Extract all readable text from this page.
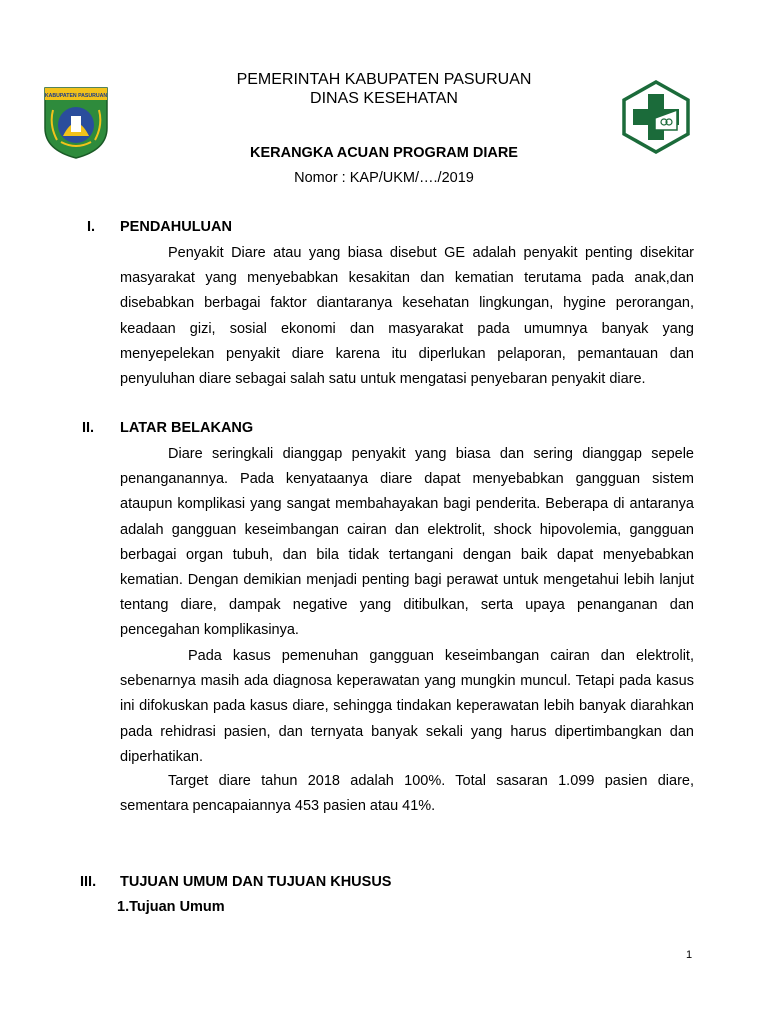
KABUPATEN PASURUAN
PEMERINTAH KABUPATEN PASURUAN
DINAS KESEHATAN
KERANGKA ACUAN PROGRAM DIARE
Nomor : KAP/UKM/…./2019
I. PENDAHULUAN

Penyakit Diare atau yang biasa disebut GE adalah penyakit penting disekitar masyarakat yang menyebabkan kesakitan dan kematian terutama pada anak,dan disebabkan berbagai faktor diantaranya kesehatan lingkungan, hygine perorangan, keadaan gizi, sosial ekonomi dan masyarakat pada umumnya banyak yang menyepelekan penyakit diare karena itu diperlukan pelaporan, pemantauan dan penyuluhan diare sebagai salah satu untuk mengatasi penyebaran penyakit diare.

II. LATAR BELAKANG

Diare seringkali dianggap penyakit yang biasa dan sering dianggap sepele penanganannya. Pada kenyataanya diare dapat menyebabkan gangguan sistem ataupun komplikasi yang sangat membahayakan bagi penderita. Beberapa di antaranya adalah gangguan keseimbangan cairan dan elektrolit, shock hipovolemia, gangguan berbagai organ tubuh, dan bila tidak tertangani dengan baik dapat menyebabkan kematian. Dengan demikian menjadi penting bagi perawat untuk mengetahui lebih lanjut tentang diare, dampak negative yang ditibulkan, serta upaya penanganan dan pencegahan komplikasinya.

Pada kasus pemenuhan gangguan keseimbangan cairan dan elektrolit, sebenarnya masih ada diagnosa keperawatan yang mungkin muncul. Tetapi pada kasus ini difokuskan pada kasus diare, sehingga tindakan keperawatan lebih banyak diarahkan pada rehidrasi pasien, dan ternyata banyak sekali yang harus dipertimbangkan dan diperhatikan.

Target diare tahun 2018 adalah 100%. Total sasaran 1.099 pasien diare, sementara pencapaiannya 453 pasien atau 41%.

III. TUJUAN UMUM DAN TUJUAN KHUSUS
1.Tujuan Umum
1
